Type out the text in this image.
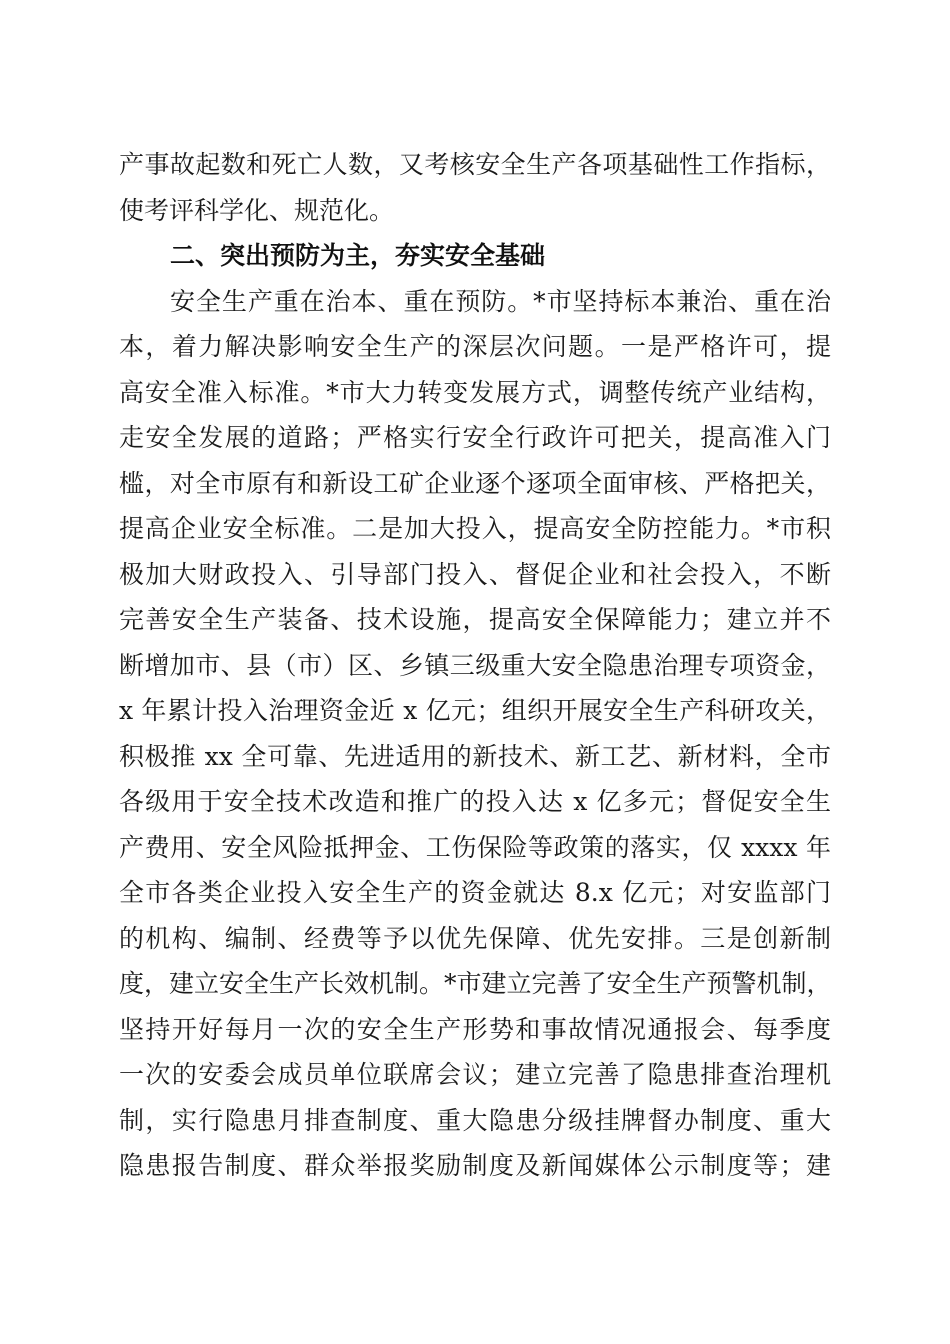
产事故起数和死亡人数，又考核安全生产各项基础性工作指标，
使考评科学化、规范化。
二、突出预防为主，夯实安全基础
安全生产重在治本、重在预防。*市坚持标本兼治、重在治
本，着力解决影响安全生产的深层次问题。一是严格许可，提
高安全准入标准。*市大力转变发展方式，调整传统产业结构，
走安全发展的道路；严格实行安全行政许可把关，提高准入门
槛，对全市原有和新设工矿企业逐个逐项全面审核、严格把关，
提高企业安全标准。二是加大投入，提高安全防控能力。*市积
极加大财政投入、引导部门投入、督促企业和社会投入，不断
完善安全生产装备、技术设施，提高安全保障能力；建立并不
断增加市、县（市）区、乡镇三级重大安全隐患治理专项资金，
x 年累计投入治理资金近 x 亿元；组织开展安全生产科研攻关，
积极推 xx 全可靠、先进适用的新技术、新工艺、新材料，全市
各级用于安全技术改造和推广的投入达 x 亿多元；督促安全生
产费用、安全风险抵押金、工伤保险等政策的落实，仅 xxxx 年
全市各类企业投入安全生产的资金就达 8.x 亿元；对安监部门
的机构、编制、经费等予以优先保障、优先安排。三是创新制
度，建立安全生产长效机制。*市建立完善了安全生产预警机制，
坚持开好每月一次的安全生产形势和事故情况通报会、每季度
一次的安委会成员单位联席会议；建立完善了隐患排查治理机
制，实行隐患月排查制度、重大隐患分级挂牌督办制度、重大
隐患报告制度、群众举报奖励制度及新闻媒体公示制度等；建
